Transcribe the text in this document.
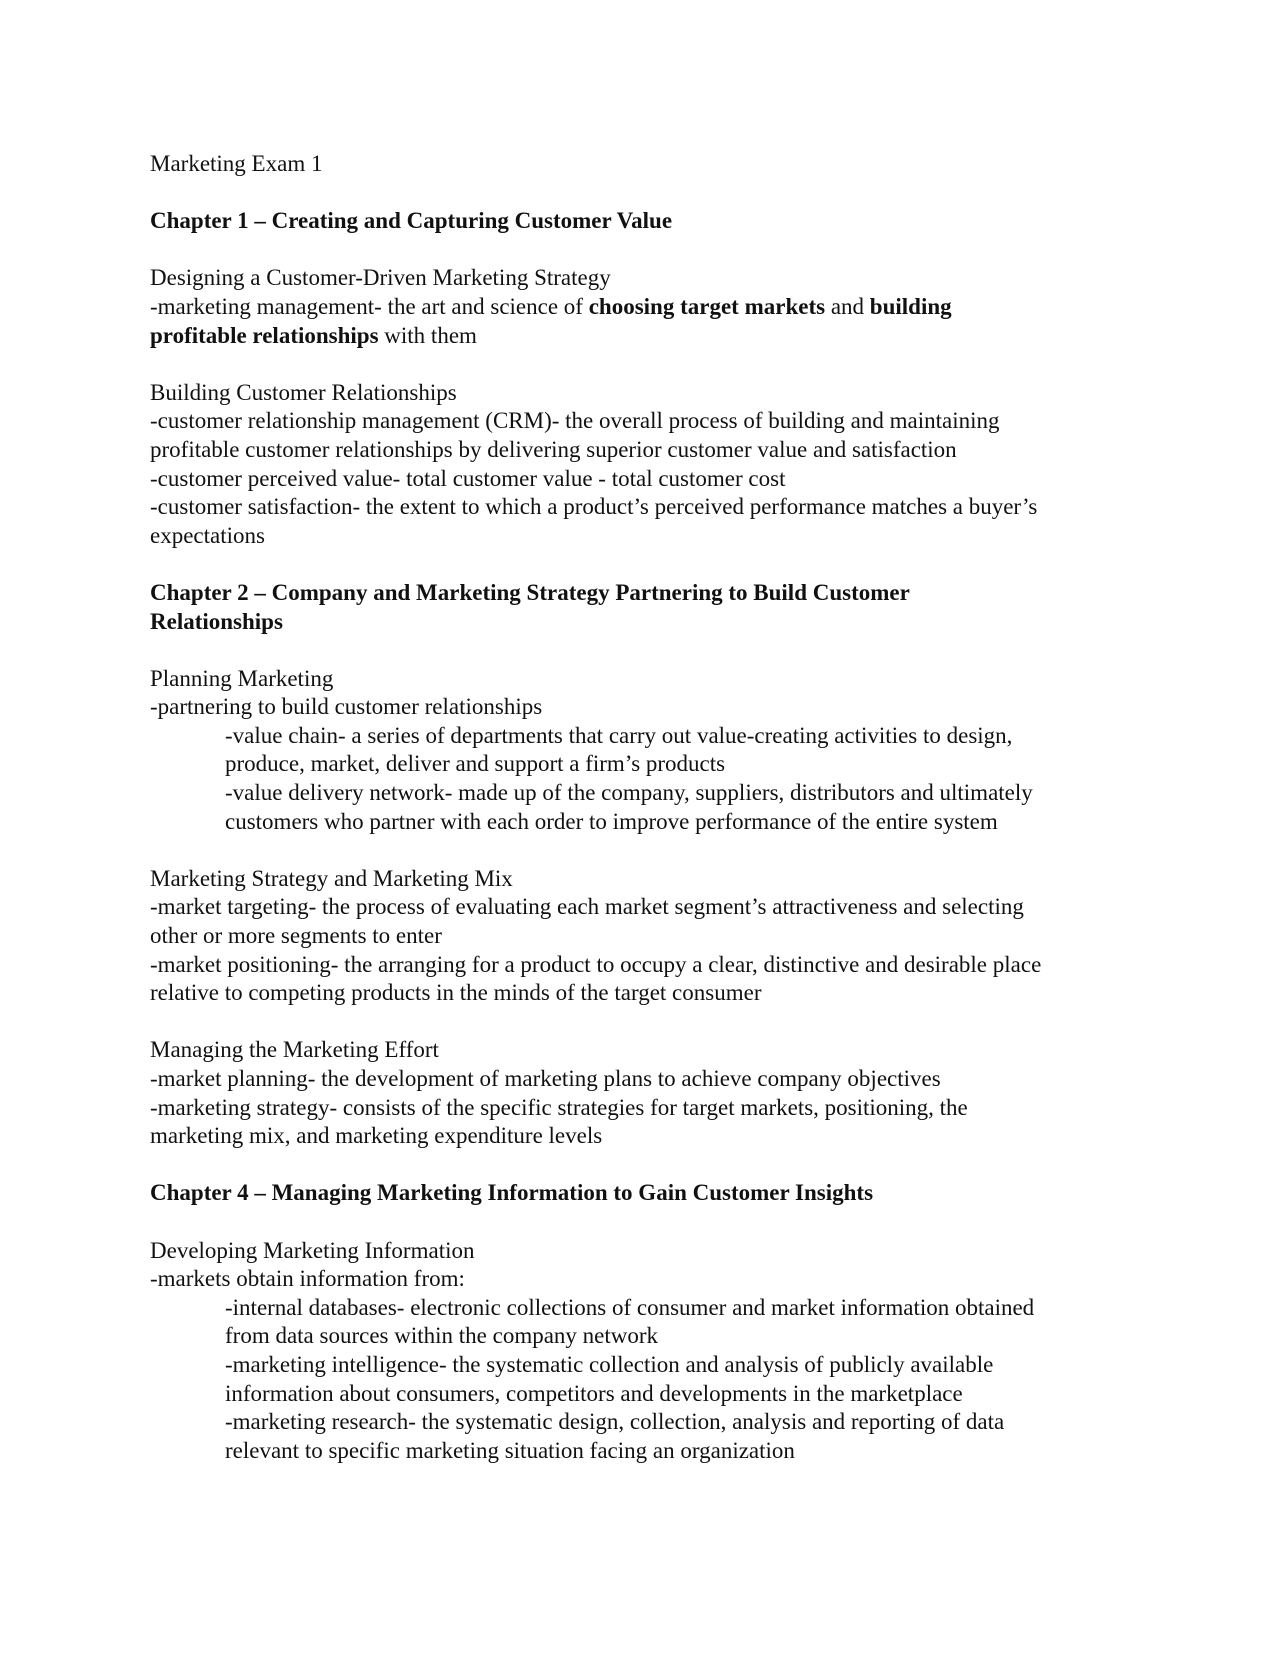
Marketing Exam 1

Chapter 1 – Creating and Capturing Customer Value

Designing a Customer-Driven Marketing Strategy

-marketing management- the art and science of choosing target markets and building

profitable relationships with them

Building Customer Relationships

-customer relationship management (CRM)- the overall process of building and maintaining

profitable customer relationships by delivering superior customer value and satisfaction

-customer perceived value- total customer value - total customer cost

-customer satisfaction- the extent to which a product’s perceived performance matches a buyer’s

expectations

Chapter 2 – Company and Marketing Strategy Partnering to Build Customer

Relationships

Planning Marketing

-partnering to build customer relationships

-value chain- a series of departments that carry out value-creating activities to design,

produce, market, deliver and support a firm’s products

-value delivery network- made up of the company, suppliers, distributors and ultimately

customers who partner with each order to improve performance of the entire system

Marketing Strategy and Marketing Mix

-market targeting- the process of evaluating each market segment’s attractiveness and selecting

other or more segments to enter

-market positioning- the arranging for a product to occupy a clear, distinctive and desirable place

relative to competing products in the minds of the target consumer

Managing the Marketing Effort

-market planning- the development of marketing plans to achieve company objectives

-marketing strategy- consists of the specific strategies for target markets, positioning, the

marketing mix, and marketing expenditure levels

Chapter 4 – Managing Marketing Information to Gain Customer Insights

Developing Marketing Information

-markets obtain information from:

-internal databases- electronic collections of consumer and market information obtained

from data sources within the company network

-marketing intelligence- the systematic collection and analysis of publicly available

information about consumers, competitors and developments in the marketplace

-marketing research- the systematic design, collection, analysis and reporting of data

relevant to specific marketing situation facing an organization
